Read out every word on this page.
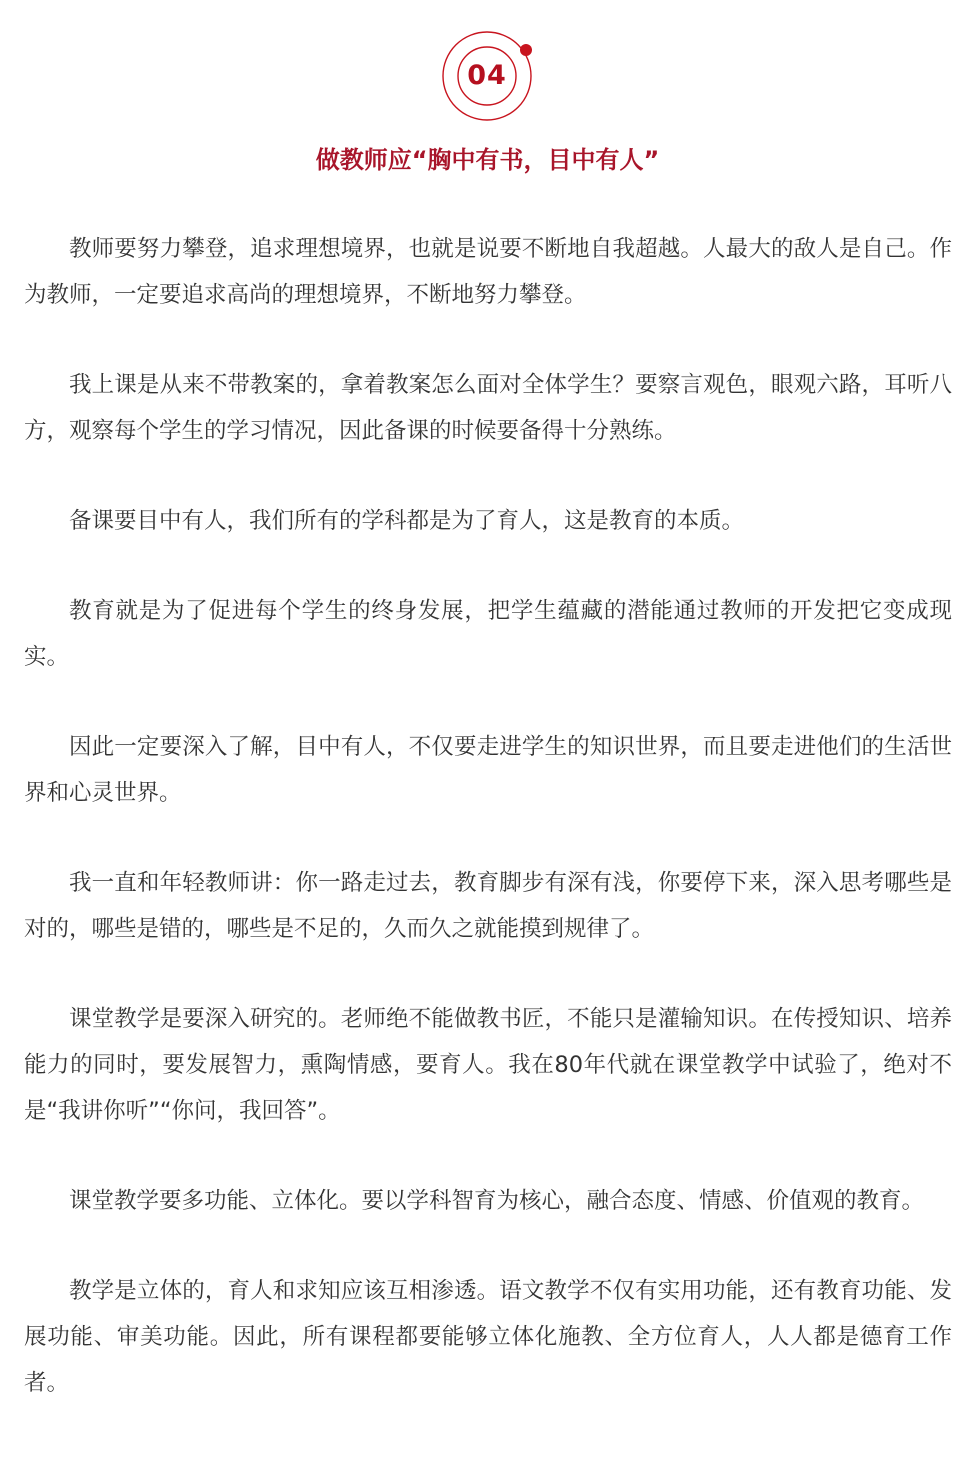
04
做教师应“胸中有书，目中有人”

教师要努力攀登，追求理想境界，也就是说要不断地自我超越。人最大的敌人是自己。作为教师，一定要追求高尚的理想境界，不断地努力攀登。

我上课是从来不带教案的，拿着教案怎么面对全体学生？要察言观色，眼观六路，耳听八方，观察每个学生的学习情况，因此备课的时候要备得十分熟练。

备课要目中有人，我们所有的学科都是为了育人，这是教育的本质。

教育就是为了促进每个学生的终身发展，把学生蕴藏的潜能通过教师的开发把它变成现实。

因此一定要深入了解，目中有人，不仅要走进学生的知识世界，而且要走进他们的生活世界和心灵世界。

我一直和年轻教师讲：你一路走过去，教育脚步有深有浅，你要停下来，深入思考哪些是对的，哪些是错的，哪些是不足的，久而久之就能摸到规律了。

课堂教学是要深入研究的。老师绝不能做教书匠，不能只是灌输知识。在传授知识、培养能力的同时，要发展智力，熏陶情感，要育人。我在80年代就在课堂教学中试验了，绝对不是“我讲你听”“你问，我回答”。

课堂教学要多功能、立体化。要以学科智育为核心，融合态度、情感、价值观的教育。

教学是立体的，育人和求知应该互相渗透。语文教学不仅有实用功能，还有教育功能、发展功能、审美功能。因此，所有课程都要能够立体化施教、全方位育人，人人都是德育工作者。
